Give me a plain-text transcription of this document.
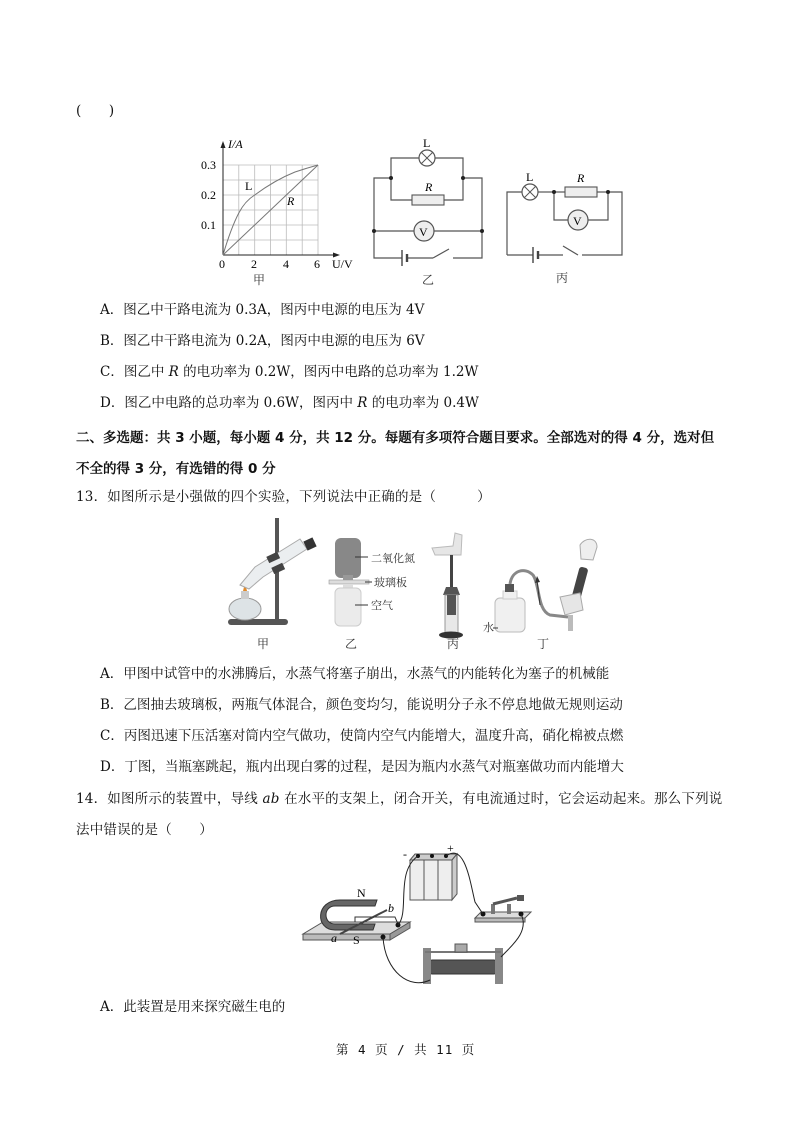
(　　)
I/A
U/V
L
R
0.3
0.2
0.1
0 2 4 6
甲
L
R
V
乙
L	R
V
丙
A．图乙中干路电流为 0.3A，图丙中电源的电压为 4V
B．图乙中干路电流为 0.2A，图丙中电源的电压为 6V
C．图乙中 R 的电功率为 0.2W，图丙中电路的总功率为 1.2W
D．图乙中电路的总功率为 0.6W，图丙中 R 的电功率为 0.4W
二、多选题：共 3 小题，每小题 4 分，共 12 分。每题有多项符合题目要求。全部选对的得 4 分，选对但
不全的得 3 分，有选错的得 0 分
13．如图所示是小强做的四个实验，下列说法中正确的是（　　　）
甲
二氧化氮
玻璃板
空气
乙	丙
水
丁
A．甲图中试管中的水沸腾后，水蒸气将塞子崩出，水蒸气的内能转化为塞子的机械能
B．乙图抽去玻璃板，两瓶气体混合，颜色变均匀，能说明分子永不停息地做无规则运动
C．丙图迅速下压活塞对筒内空气做功，使筒内空气内能增大，温度升高，硝化棉被点燃
D．丁图，当瓶塞跳起，瓶内出现白雾的过程，是因为瓶内水蒸气对瓶塞做功而内能增大
14．如图所示的装置中，导线 ab 在水平的支架上，闭合开关，有电流通过时，它会运动起来。那么下列说
法中错误的是（　　）
N
S
a
b
-	+
A．此装置是用来探究磁生电的
第 4 页 / 共 11 页
